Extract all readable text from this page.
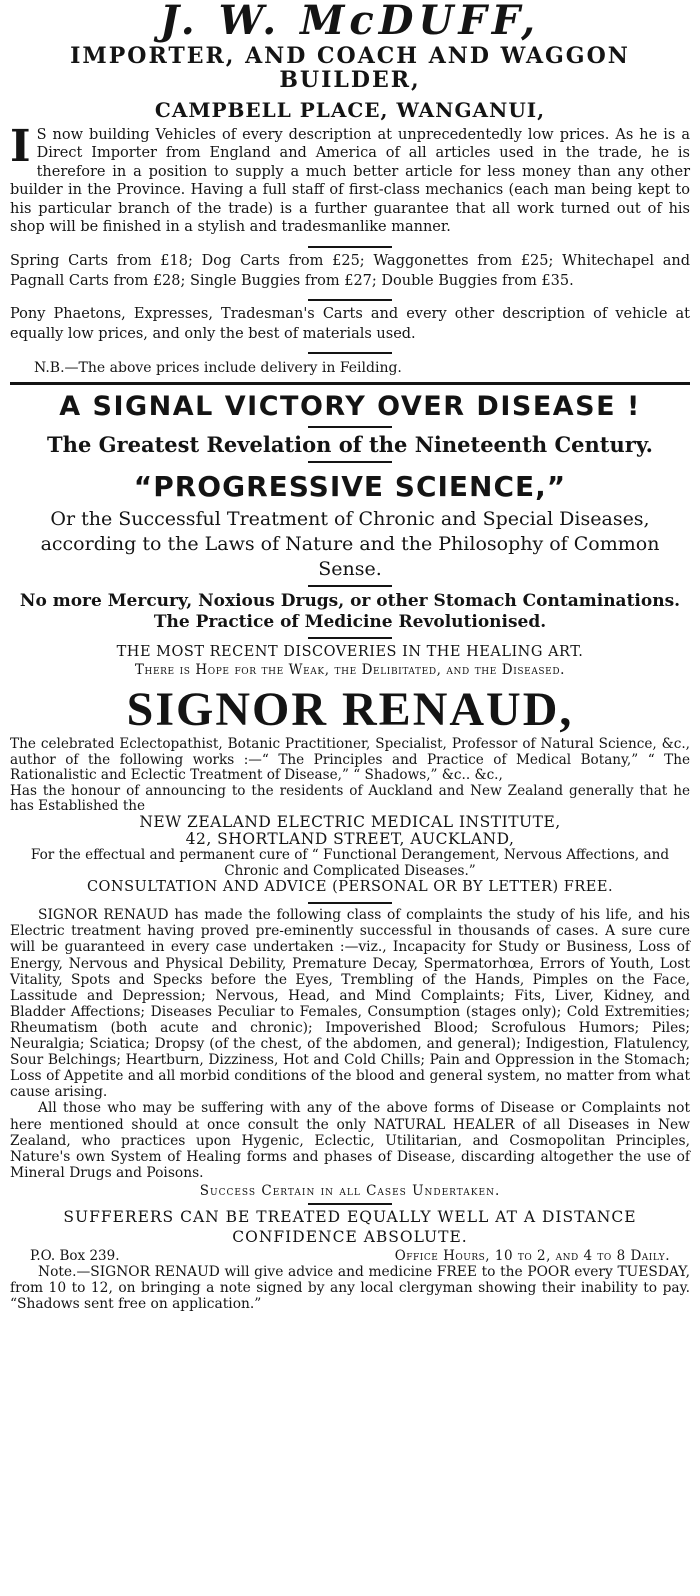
J. W. McDUFF,
IMPORTER, AND COACH AND WAGGON BUILDER,
CAMPBELL PLACE, WANGANUI,

I S now building Vehicles of every description at unprecedentedly low prices. As he is a Direct Importer from England and America of all articles used in the trade, he is therefore in a position to supply a much better article for less money than any other builder in the Province. Having a full staff of first-class mechanics (each man being kept to his particular branch of the trade) is a further guarantee that all work turned out of his shop will be finished in a stylish and tradesmanlike manner.

Spring Carts from £18; Dog Carts from £25; Waggonettes from £25; Whitechapel and Pagnall Carts from £28; Single Buggies from £27; Double Buggies from £35.

Pony Phaetons, Expresses, Tradesman's Carts and every other description of vehicle at equally low prices, and only the best of materials used.

N.B.—The above prices include delivery in Feilding.

A SIGNAL VICTORY OVER DISEASE !
The Greatest Revelation of the Nineteenth Century.
“PROGRESSIVE SCIENCE,”

Or the Successful Treatment of Chronic and Special Diseases, according to the Laws of Nature and the Philosophy of Common Sense.

No more Mercury, Noxious Drugs, or other Stomach Contaminations.
The Practice of Medicine Revolutionised.

THE MOST RECENT DISCOVERIES IN THE HEALING ART.

There is Hope for the Weak, the Delibitated, and the Diseased.

SIGNOR RENAUD,

The celebrated Eclectopathist, Botanic Practitioner, Specialist, Professor of Natural Science, &c., author of the following works :—“ The Principles and Practice of Medical Botany,” “ The Rationalistic and Eclectic Treatment of Disease,” “ Shadows,” &c.. &c.,

Has the honour of announcing to the residents of Auckland and New Zealand generally that he has Established the

NEW ZEALAND ELECTRIC MEDICAL INSTITUTE,

42, SHORTLAND STREET, AUCKLAND,

For the effectual and permanent cure of “ Functional Derangement, Nervous Affections, and Chronic and Complicated Diseases.”

CONSULTATION AND ADVICE (PERSONAL OR BY LETTER) FREE.

SIGNOR RENAUD has made the following class of complaints the study of his life, and his Electric treatment having proved pre-eminently successful in thousands of cases. A sure cure will be guaranteed in every case undertaken :—viz., Incapacity for Study or Business, Loss of Energy, Nervous and Physical Debility, Premature Decay, Spermatorhœa, Errors of Youth, Lost Vitality, Spots and Specks before the Eyes, Trembling of the Hands, Pimples on the Face, Lassitude and Depression; Nervous, Head, and Mind Complaints; Fits, Liver, Kidney, and Bladder Affections; Diseases Peculiar to Females, Consumption (stages only); Cold Extremities; Rheumatism (both acute and chronic); Impoverished Blood; Scrofulous Humors; Piles; Neuralgia; Sciatica; Dropsy (of the chest, of the abdomen, and general); Indigestion, Flatulency, Sour Belchings; Heartburn, Dizziness, Hot and Cold Chills; Pain and Oppression in the Stomach; Loss of Appetite and all morbid conditions of the blood and general system, no matter from what cause arising.

All those who may be suffering with any of the above forms of Disease or Complaints not here mentioned should at once consult the only NATURAL HEALER of all Diseases in New Zealand, who practices upon Hygenic, Eclectic, Utilitarian, and Cosmopolitan Principles, Nature's own System of Healing forms and phases of Disease, discarding altogether the use of Mineral Drugs and Poisons.

Success Certain in all Cases Undertaken.

SUFFERERS CAN BE TREATED EQUALLY WELL AT A DISTANCE

CONFIDENCE ABSOLUTE.

P.O. Box 239.	Office Hours, 10 to 2, and 4 to 8 Daily.

Note.—SIGNOR RENAUD will give advice and medicine FREE to the POOR every TUESDAY, from 10 to 12, on bringing a note signed by any local clergyman showing their inability to pay. “Shadows sent free on application.”
